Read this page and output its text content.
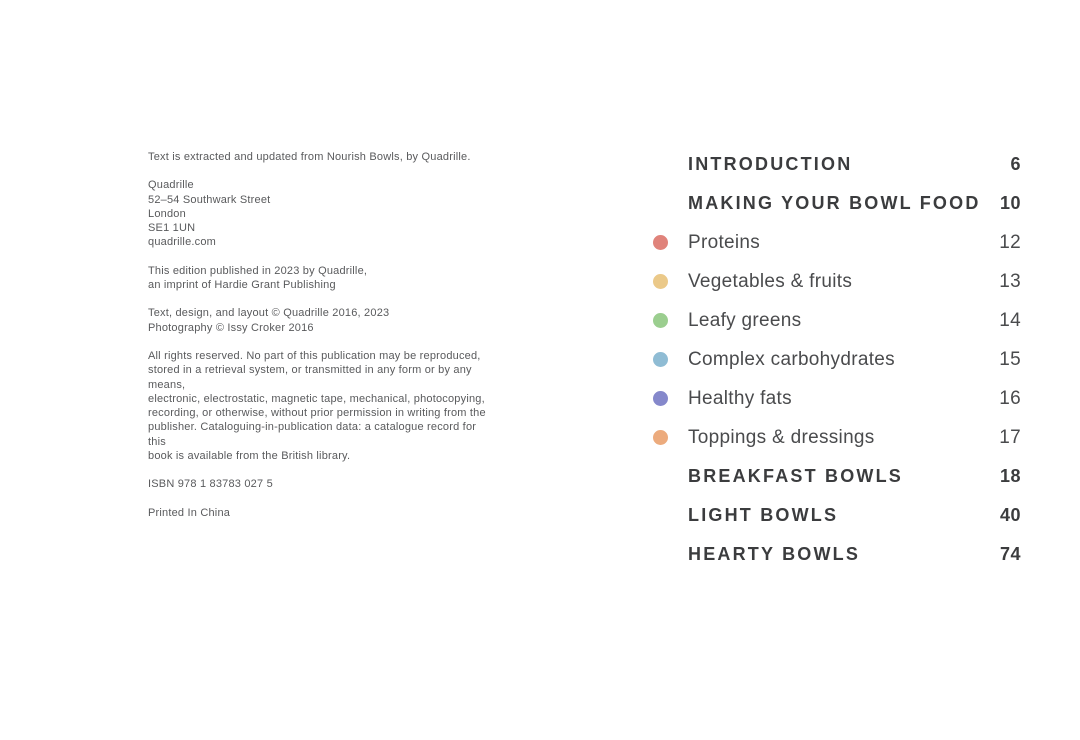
Text is extracted and updated from Nourish Bowls, by Quadrille.
Quadrille
52–54 Southwark Street
London
SE1 1UN
quadrille.com
This edition published in 2023 by Quadrille,
an imprint of Hardie Grant Publishing
Text, design, and layout © Quadrille 2016, 2023
Photography © Issy Croker 2016
All rights reserved. No part of this publication may be reproduced,
stored in a retrieval system, or transmitted in any form or by any means,
electronic, electrostatic, magnetic tape, mechanical, photocopying,
recording, or otherwise, without prior permission in writing from the
publisher. Cataloguing-in-publication data: a catalogue record for this
book is available from the British library.
ISBN 978 1 83783 027 5
Printed In China
INTRODUCTION	6
MAKING YOUR BOWL FOOD	10
Proteins	12
Vegetables & fruits	13
Leafy greens	14
Complex carbohydrates	15
Healthy fats	16
Toppings & dressings	17
BREAKFAST BOWLS	18
LIGHT BOWLS	40
HEARTY BOWLS	74
